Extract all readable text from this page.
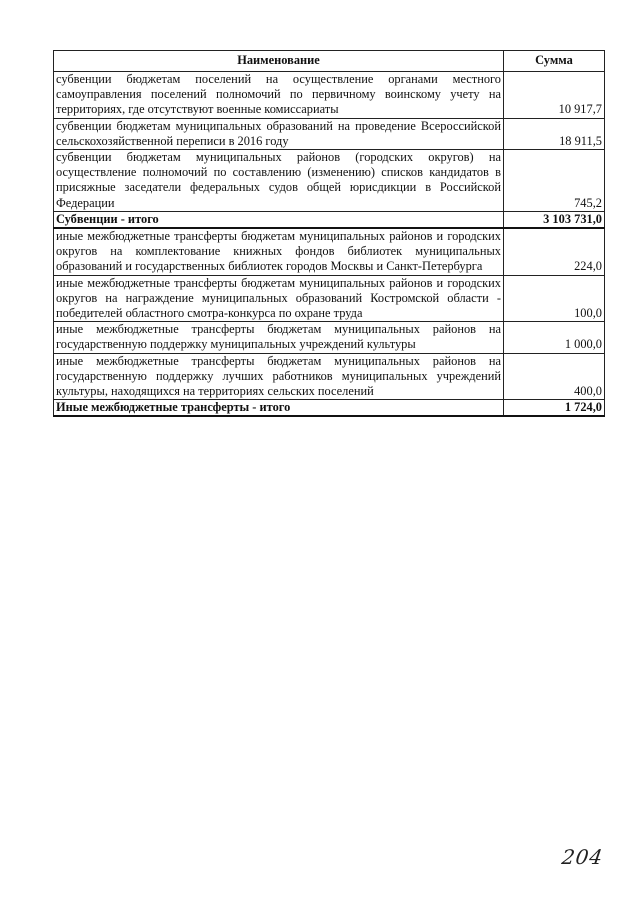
Наименование	Сумма
субвенции бюджетам поселений на осуществление органами местного самоуправления поселений полномочий по первичному воинскому учету на территориях, где отсутствуют военные комиссариаты	10 917,7
субвенции бюджетам муниципальных образований на проведение Всероссийской сельскохозяйственной переписи в 2016 году	18 911,5
субвенции бюджетам муниципальных районов (городских округов) на осуществление полномочий по составлению (изменению) списков кандидатов в присяжные заседатели федеральных судов общей юрисдикции в Российской Федерации	745,2
Субвенции - итого	3 103 731,0
иные межбюджетные трансферты бюджетам муниципальных районов и городских округов на комплектование книжных фондов библиотек муниципальных образований и государственных библиотек городов Москвы и Санкт-Петербурга	224,0
иные межбюджетные трансферты бюджетам муниципальных районов и городских округов на награждение муниципальных образований Костромской области - победителей областного смотра-конкурса по охране труда	100,0
иные межбюджетные трансферты бюджетам муниципальных районов на государственную поддержку муниципальных учреждений культуры	1 000,0
иные межбюджетные трансферты бюджетам муниципальных районов на государственную поддержку лучших работников муниципальных учреждений культуры, находящихся на территориях сельских поселений	400,0
Иные межбюджетные трансферты - итого	1 724,0
204
